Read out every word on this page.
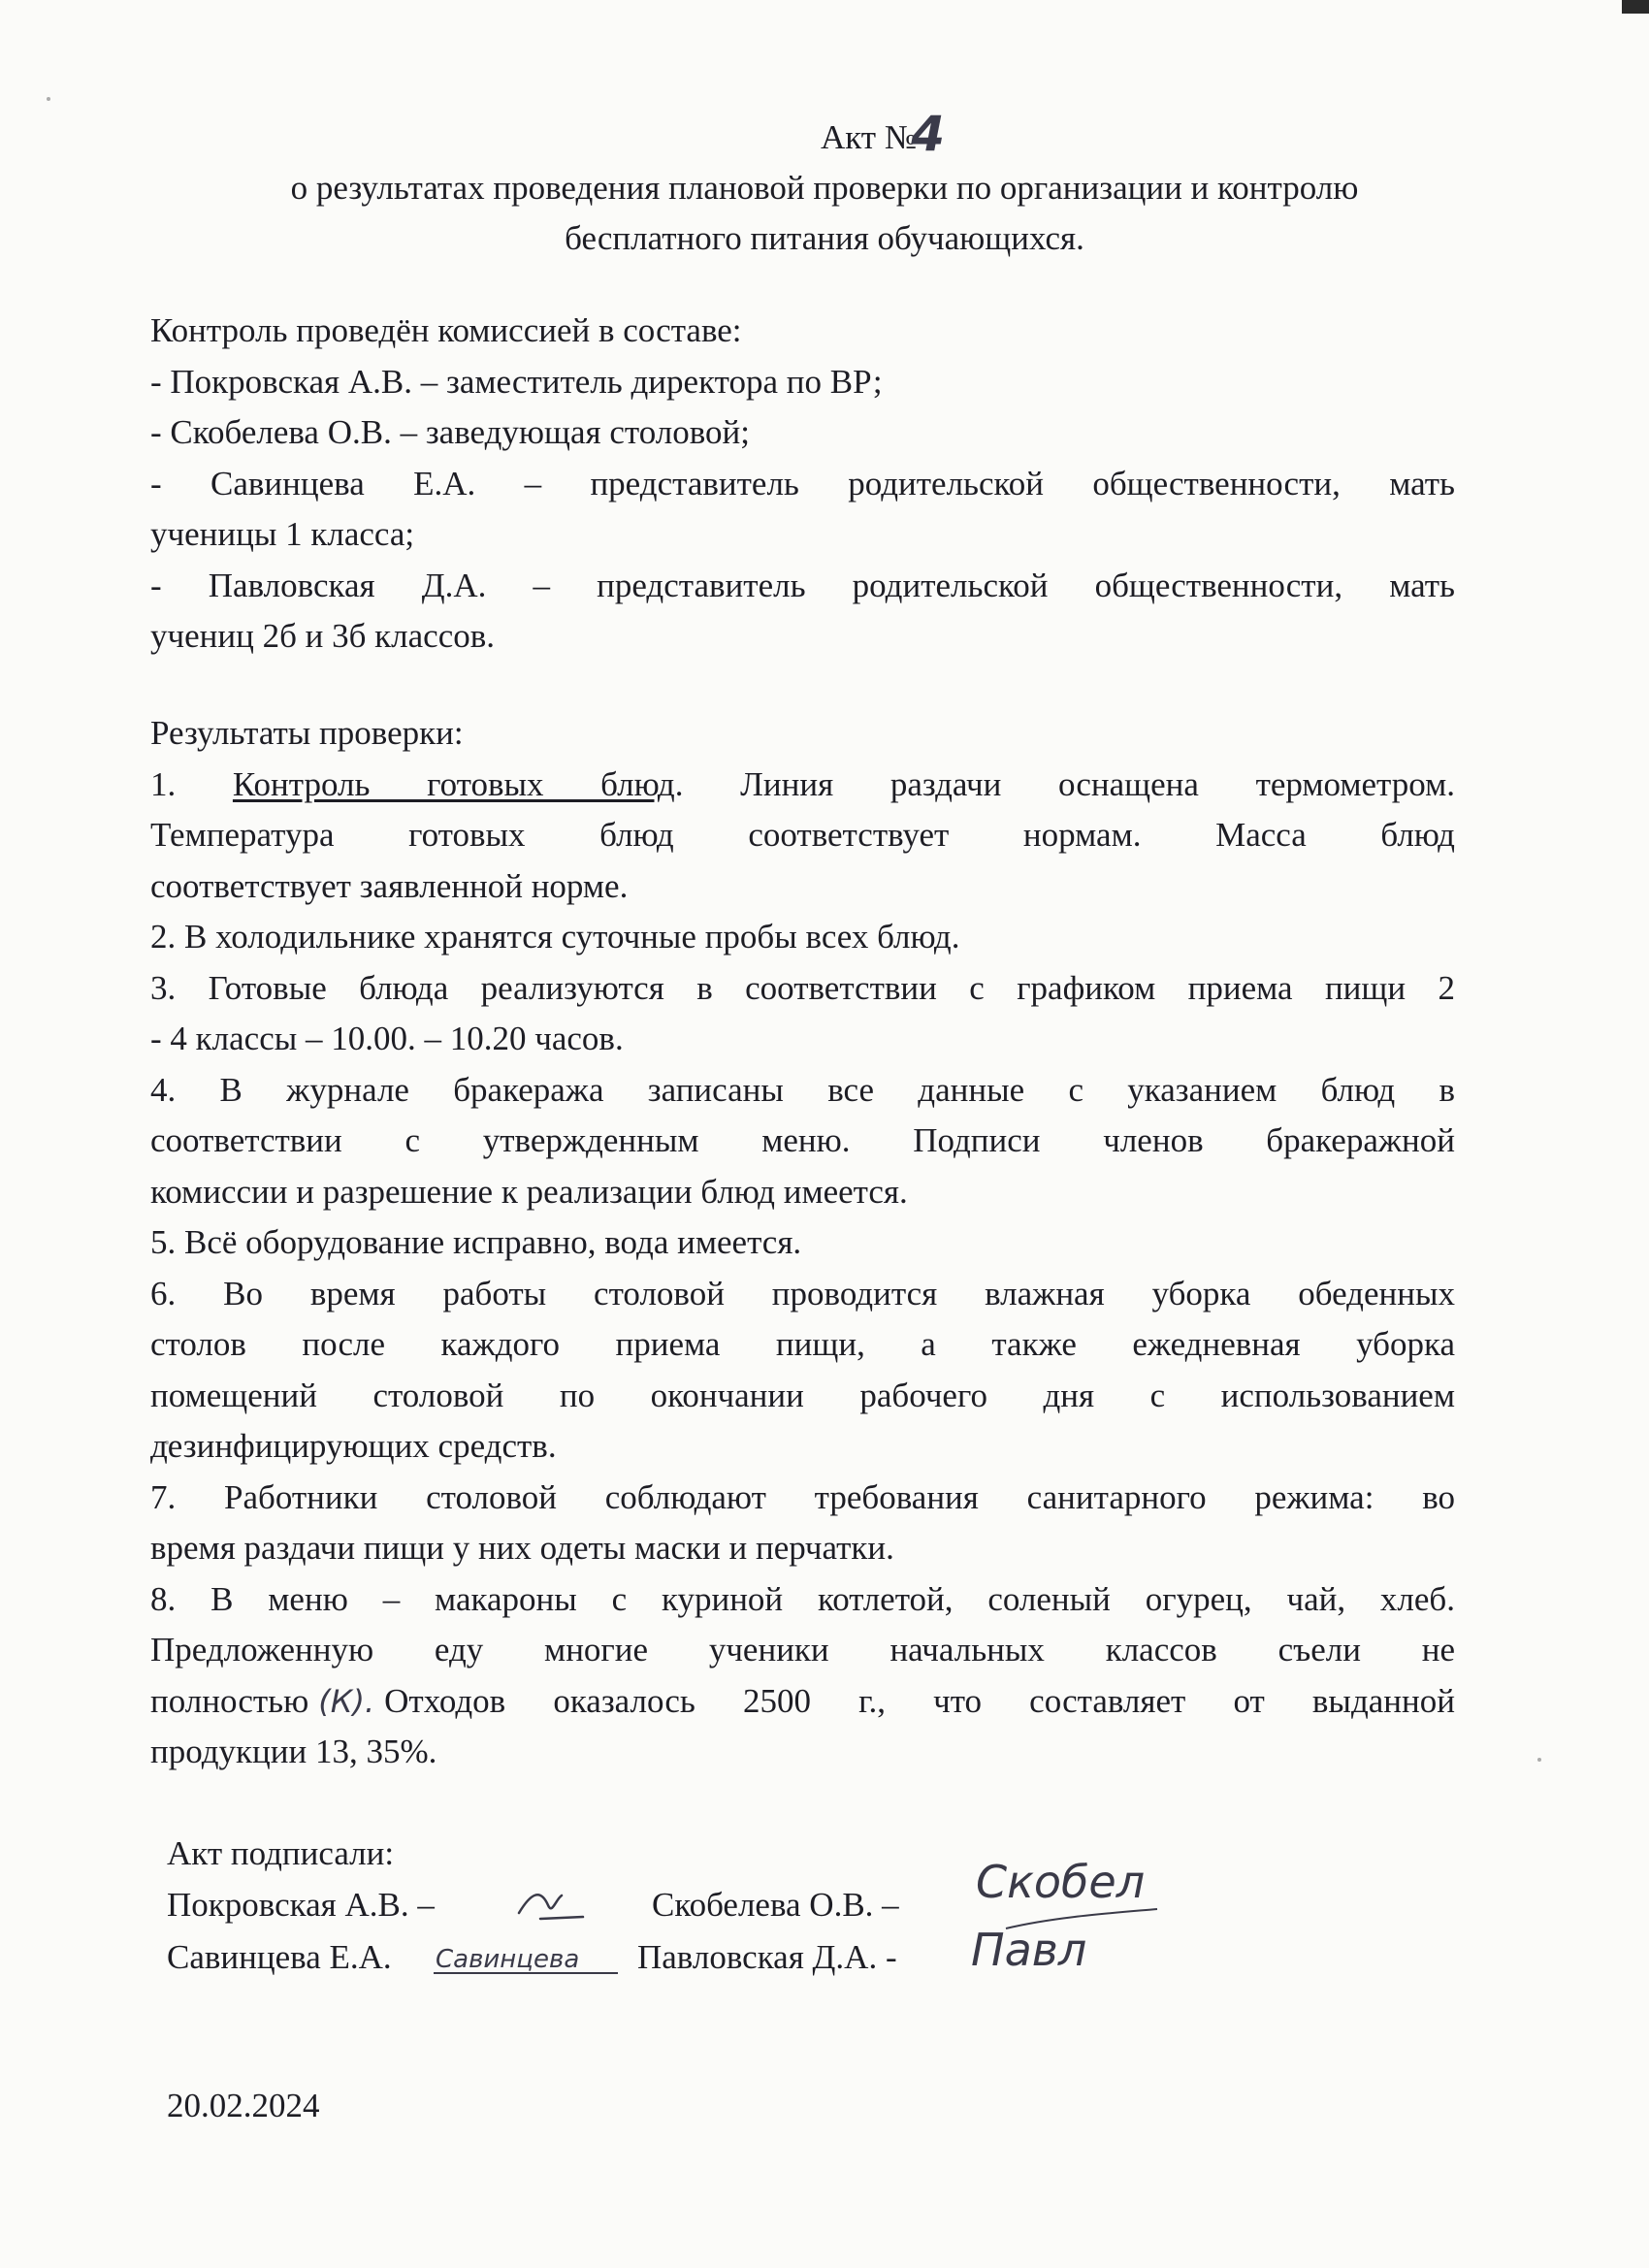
Акт №4
о результатах проведения плановой проверки по организации и контролю
бесплатного питания обучающихся.
Контроль проведён комиссией в составе:
- Покровская А.В. – заместитель директора по ВР;
- Скобелева О.В. – заведующая столовой;
- Савинцева Е.А. – представитель родительской общественности, мать
ученицы 1 класса;
- Павловская Д.А. – представитель родительской общественности, мать
учениц 2б и 3б классов.
Результаты проверки:
1. Контроль готовых блюд. Линия раздачи оснащена термометром.
Температура готовых блюд соответствует нормам. Масса блюд
соответствует заявленной норме.
2. В холодильнике хранятся суточные пробы всех блюд.
3. Готовые блюда реализуются в соответствии с графиком приема пищи 2
- 4 классы – 10.00. – 10.20 часов.
4. В журнале бракеража записаны все данные с указанием блюд в
соответствии с утвержденным меню. Подписи членов бракеражной
комиссии и разрешение к реализации блюд имеется.
5. Всё оборудование исправно, вода имеется.
6. Во время работы столовой проводится влажная уборка обеденных
столов после каждого приема пищи, а также ежедневная уборка
помещений столовой по окончании рабочего дня с использованием
дезинфицирующих средств.
7. Работники столовой соблюдают требования санитарного режима: во
время раздачи пищи у них одеты маски и перчатки.
8. В меню – макароны с куриной котлетой, соленый огурец, чай, хлеб.
Предложенную еду многие ученики начальных классов съели не
полностью (К). Отходов оказалось 2500 г., что составляет от выданной
продукции 13, 35%.
Акт подписали:
Покровская А.В. –	Скобелева О.В. – Скобел
Савинцева Е.А. Савинцева Павловская Д.А. - Павл
20.02.2024
